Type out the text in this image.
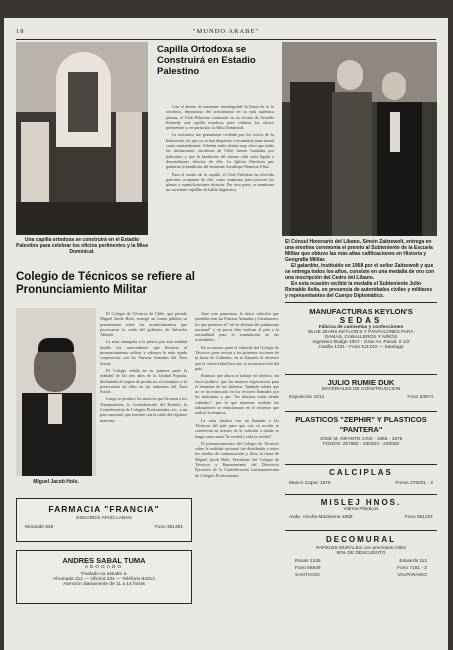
18	"MUNDO ARABE"
Una capilla ortodoxa se construirá en el Estadio Palestino para celebrar los oficios pertinentes y la Misa Dominical.
Capilla Ortodoxa se Construirá en Estadio Palestino

Con el ánimo de mantener inextinguible la llama de la fe ortodoxa, depositaria del cristianismo en su más auténtica pureza, el Club Palestino construirá en su recinto de Avenida Kennedy una capilla ortodoxa, para celebrar los oficios pertinentes y, en particular, la Misa Dominical.

La iniciativa fue gratamente recibida por los socios de la Institución, los que ya se han dispuesto a secundarla tanto moral como materialmente. Además todos tienen muy claro que todas las instituciones ortodoxas de Chile fueron fundadas por palestinos y que la fundación del mismo club sería ligada a descendientes directos de ella. La Iglesia Ortodoxa que gobierna la bendición del eminente Arzobispo Nemesio Elías.

Para el ornato de la capilla, el Club Palestino ha ofrecido gratuitos ocupantes de ella, como asimismo para proveer los planos y especificaciones técnicas. Por otra parte, se nombrará un sacerdote-capellán de habla lingüística.

El Cónsul Honorario del Líbano, Simón Zaitzewolt, entrega en una emotiva ceremonia el premio al Subteniente de la Escuela Militar que obtuvo las más altas calificaciones en Historia y Geografía Militar.
El galardón, instituido en 1968 por el señor Zaitzewolt y que se entrega todos los años, consiste en una medalla de oro con una inscripción del Cedro del Líbano.
En esta ocasión recibió la medalla el Subteniente Julio Reinaldo Avila, en presencia de autoridades civiles y militares y representantes del Cuerpo Diplomático.
Colegio de Técnicos se refiere al Pronunciamiento Militar
Miguel Jacob Holo.

El Colegio de Técnicos de Chile, que preside Miguel Jacob Holo, entregó un forma pública su pensamiento sobre los acontecimientos que provocaron la caída del gobierno de Salvador Allende.

La nota entregada a la prensa por esta entidad detalla los antecedentes que llevaron al pronunciamiento militar y subraya la nula ayuda cooperación con las Fuerzas Armadas del Área Social.

El Colegio señala en su primera parte la realidad de los tres años de la Unidad Popular, declarando el saqueo de productos al extranjero y la persecución de ellos en las industrias del Área Social.

Luego se produce los motivos que llevaron a los Transportistas, la Confederación del Rodado, la Confederación de Colegios Profesionales, etc., a un paro nacional, que terminó con la caída del régimen marxista.

Ante este panorama, la única solución que quedaba eran las Fuerzas Armadas y Carabineros, los que pusieron el "rol de defensa del patrimonio nacional" y en pocas días vuelvan al país a la normalidad para la reanudación de las actividades.

En su tercera parte el editorial del Colegio de Técnicos pone revista a los primeros acciones de la Junta de Gobierno, en su llamado al esfuerzo que la colectividad hace por la reconstrucción del país.

Estamos que ahora se trabaje en silencio, sin favor político, que las mejores expectativas para el bienestar de los chilenos. También señala que no se ha trastocado en los sectores llamados por los marxistas, y que "los destinos están siendo cuidados", por lo que mientras cuidado los trabajadores se entusiasman en el esfuerzo que realizó la empresa.

La nota finaliza con un llamado a los Técnicos del país para que con su acción se conviertan en actores de la solución a donde se tenga como tarea "la verdad y vida la verdad".

El pronunciamiento del Colegio de Técnicos sobre la realidad nacional fue distribuido a todos los medios de comunicación y lleva la firma de Miguel Jacob Holo, Presidente del Colegio de Técnicos y Representante del Directorio Ejecutivo de la Confederación Latinoamericana de Colegios Profesionales.

FARMACIA "FRANCIA"
EDUARDO APUD LABAN
Morandé 839	Fono 381381
ANDRES SABAL TUMA
ABOGADO
Traslado su estudio a:
Ahumada 312 — Oficina 234 — Teléfono 84312
Atención diariamente de 11 a 14 horas
MANUFACTURAS KEYLON'S
SEDAS
Fábrica de camisetas y confecciones
BLUE JEANS KEYLON'S Y PANTALONES PARA
DAMAS, CABALLEROS Y NIÑOS
Ingeniero Budge 1007 - Gran Av. Parad. 9 1/2
Casilla 1331 - Fono 511243 — Santiago
JULIO RUMIE DUK
MATERIALES DE CONSTRUCCION
Exposición 1012	Fono 93973
PLASTICOS "ZEPHIR" Y PLASTICOS "PANTERA"
JOSE M. INFANTE 1703 - 1865 - 1875
FONOS: 257980 - 230403 - 230000
CALCIPLAS
Manco Capac 1576	Fonos 375001 - 2
MISLEJ HNOS.
Vidrios Plásticos
Avda. Vicuña Mackenna 1865	Fono 581201
DECOMURAL
PAPELES MURALES con preciosos rollos
50% DE DESCUENTO
Rosas 1249	Edwards 112
Fono 66849	Fono 7181 - 2
SANTIAGO	VALPARAISO
